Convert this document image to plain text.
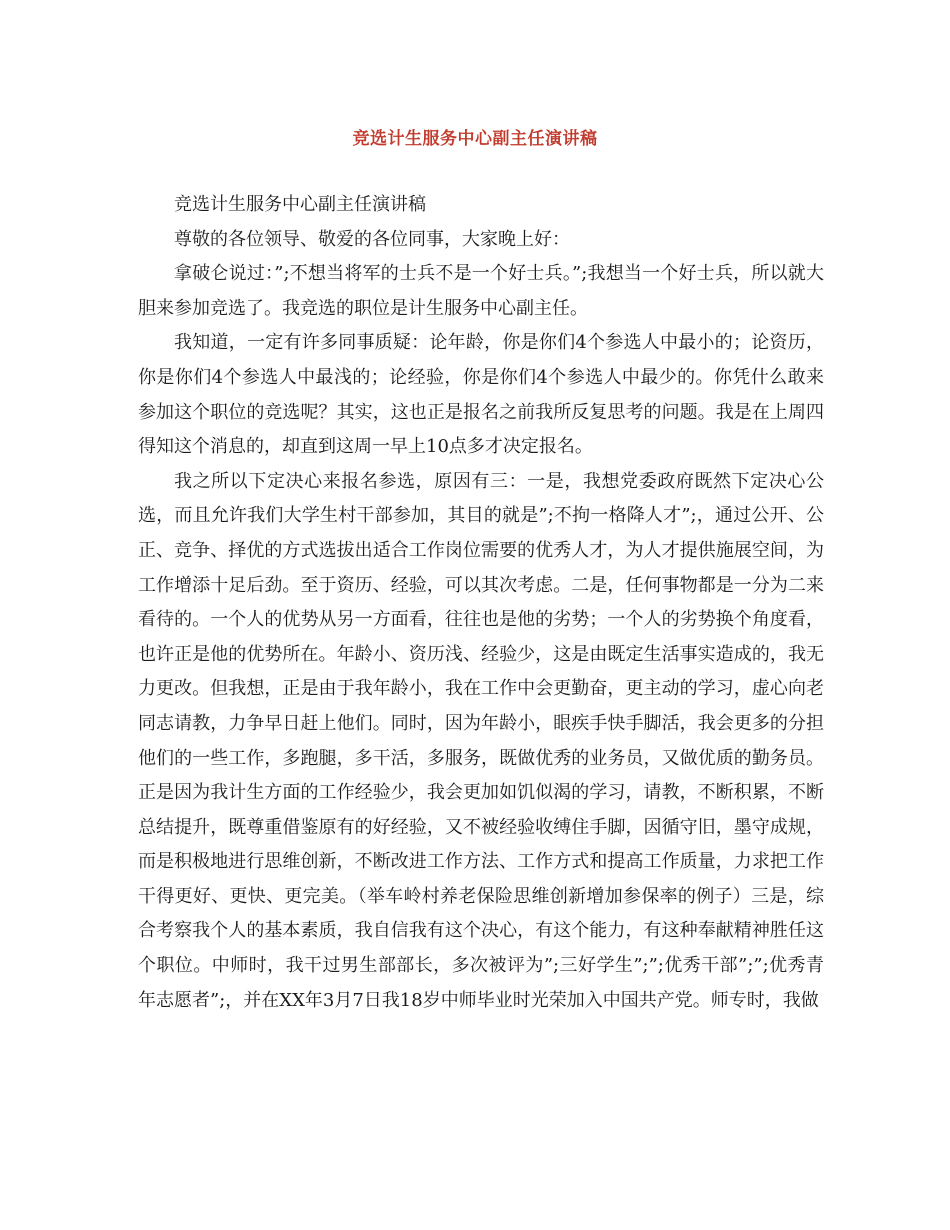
竞选计生服务中心副主任演讲稿

竞选计生服务中心副主任演讲稿

尊敬的各位领导、敬爱的各位同事，大家晚上好：

拿破仑说过：”;不想当将军的士兵不是一个好士兵。”;我想当一个好士兵，所以就大胆来参加竞选了。我竞选的职位是计生服务中心副主任。

我知道，一定有许多同事质疑：论年龄，你是你们4个参选人中最小的；论资历，你是你们4个参选人中最浅的；论经验，你是你们4个参选人中最少的。你凭什么敢来参加这个职位的竞选呢？其实，这也正是报名之前我所反复思考的问题。我是在上周四得知这个消息的，却直到这周一早上10点多才决定报名。

我之所以下定决心来报名参选，原因有三：一是，我想党委政府既然下定决心公选，而且允许我们大学生村干部参加，其目的就是”;不拘一格降人才”;，通过公开、公正、竞争、择优的方式选拔出适合工作岗位需要的优秀人才，为人才提供施展空间，为工作增添十足后劲。至于资历、经验，可以其次考虑。二是，任何事物都是一分为二来看待的。一个人的优势从另一方面看，往往也是他的劣势；一个人的劣势换个角度看，也许正是他的优势所在。年龄小、资历浅、经验少，这是由既定生活事实造成的，我无力更改。但我想，正是由于我年龄小，我在工作中会更勤奋，更主动的学习，虚心向老同志请教，力争早日赶上他们。同时，因为年龄小，眼疾手快手脚活，我会更多的分担他们的一些工作，多跑腿，多干活，多服务，既做优秀的业务员，又做优质的勤务员。正是因为我计生方面的工作经验少，我会更加如饥似渴的学习，请教，不断积累，不断总结提升，既尊重借鉴原有的好经验，又不被经验收缚住手脚，因循守旧，墨守成规，而是积极地进行思维创新，不断改进工作方法、工作方式和提高工作质量，力求把工作干得更好、更快、更完美。（举车岭村养老保险思维创新增加参保率的例子）三是，综合考察我个人的基本素质，我自信我有这个决心，有这个能力，有这种奉献精神胜任这个职位。中师时，我干过男生部部长，多次被评为”;三好学生”;”;优秀干部”;”;优秀青年志愿者”;，并在XX年3月7日我18岁中师毕业时光荣加入中国共产党。师专时，我做
